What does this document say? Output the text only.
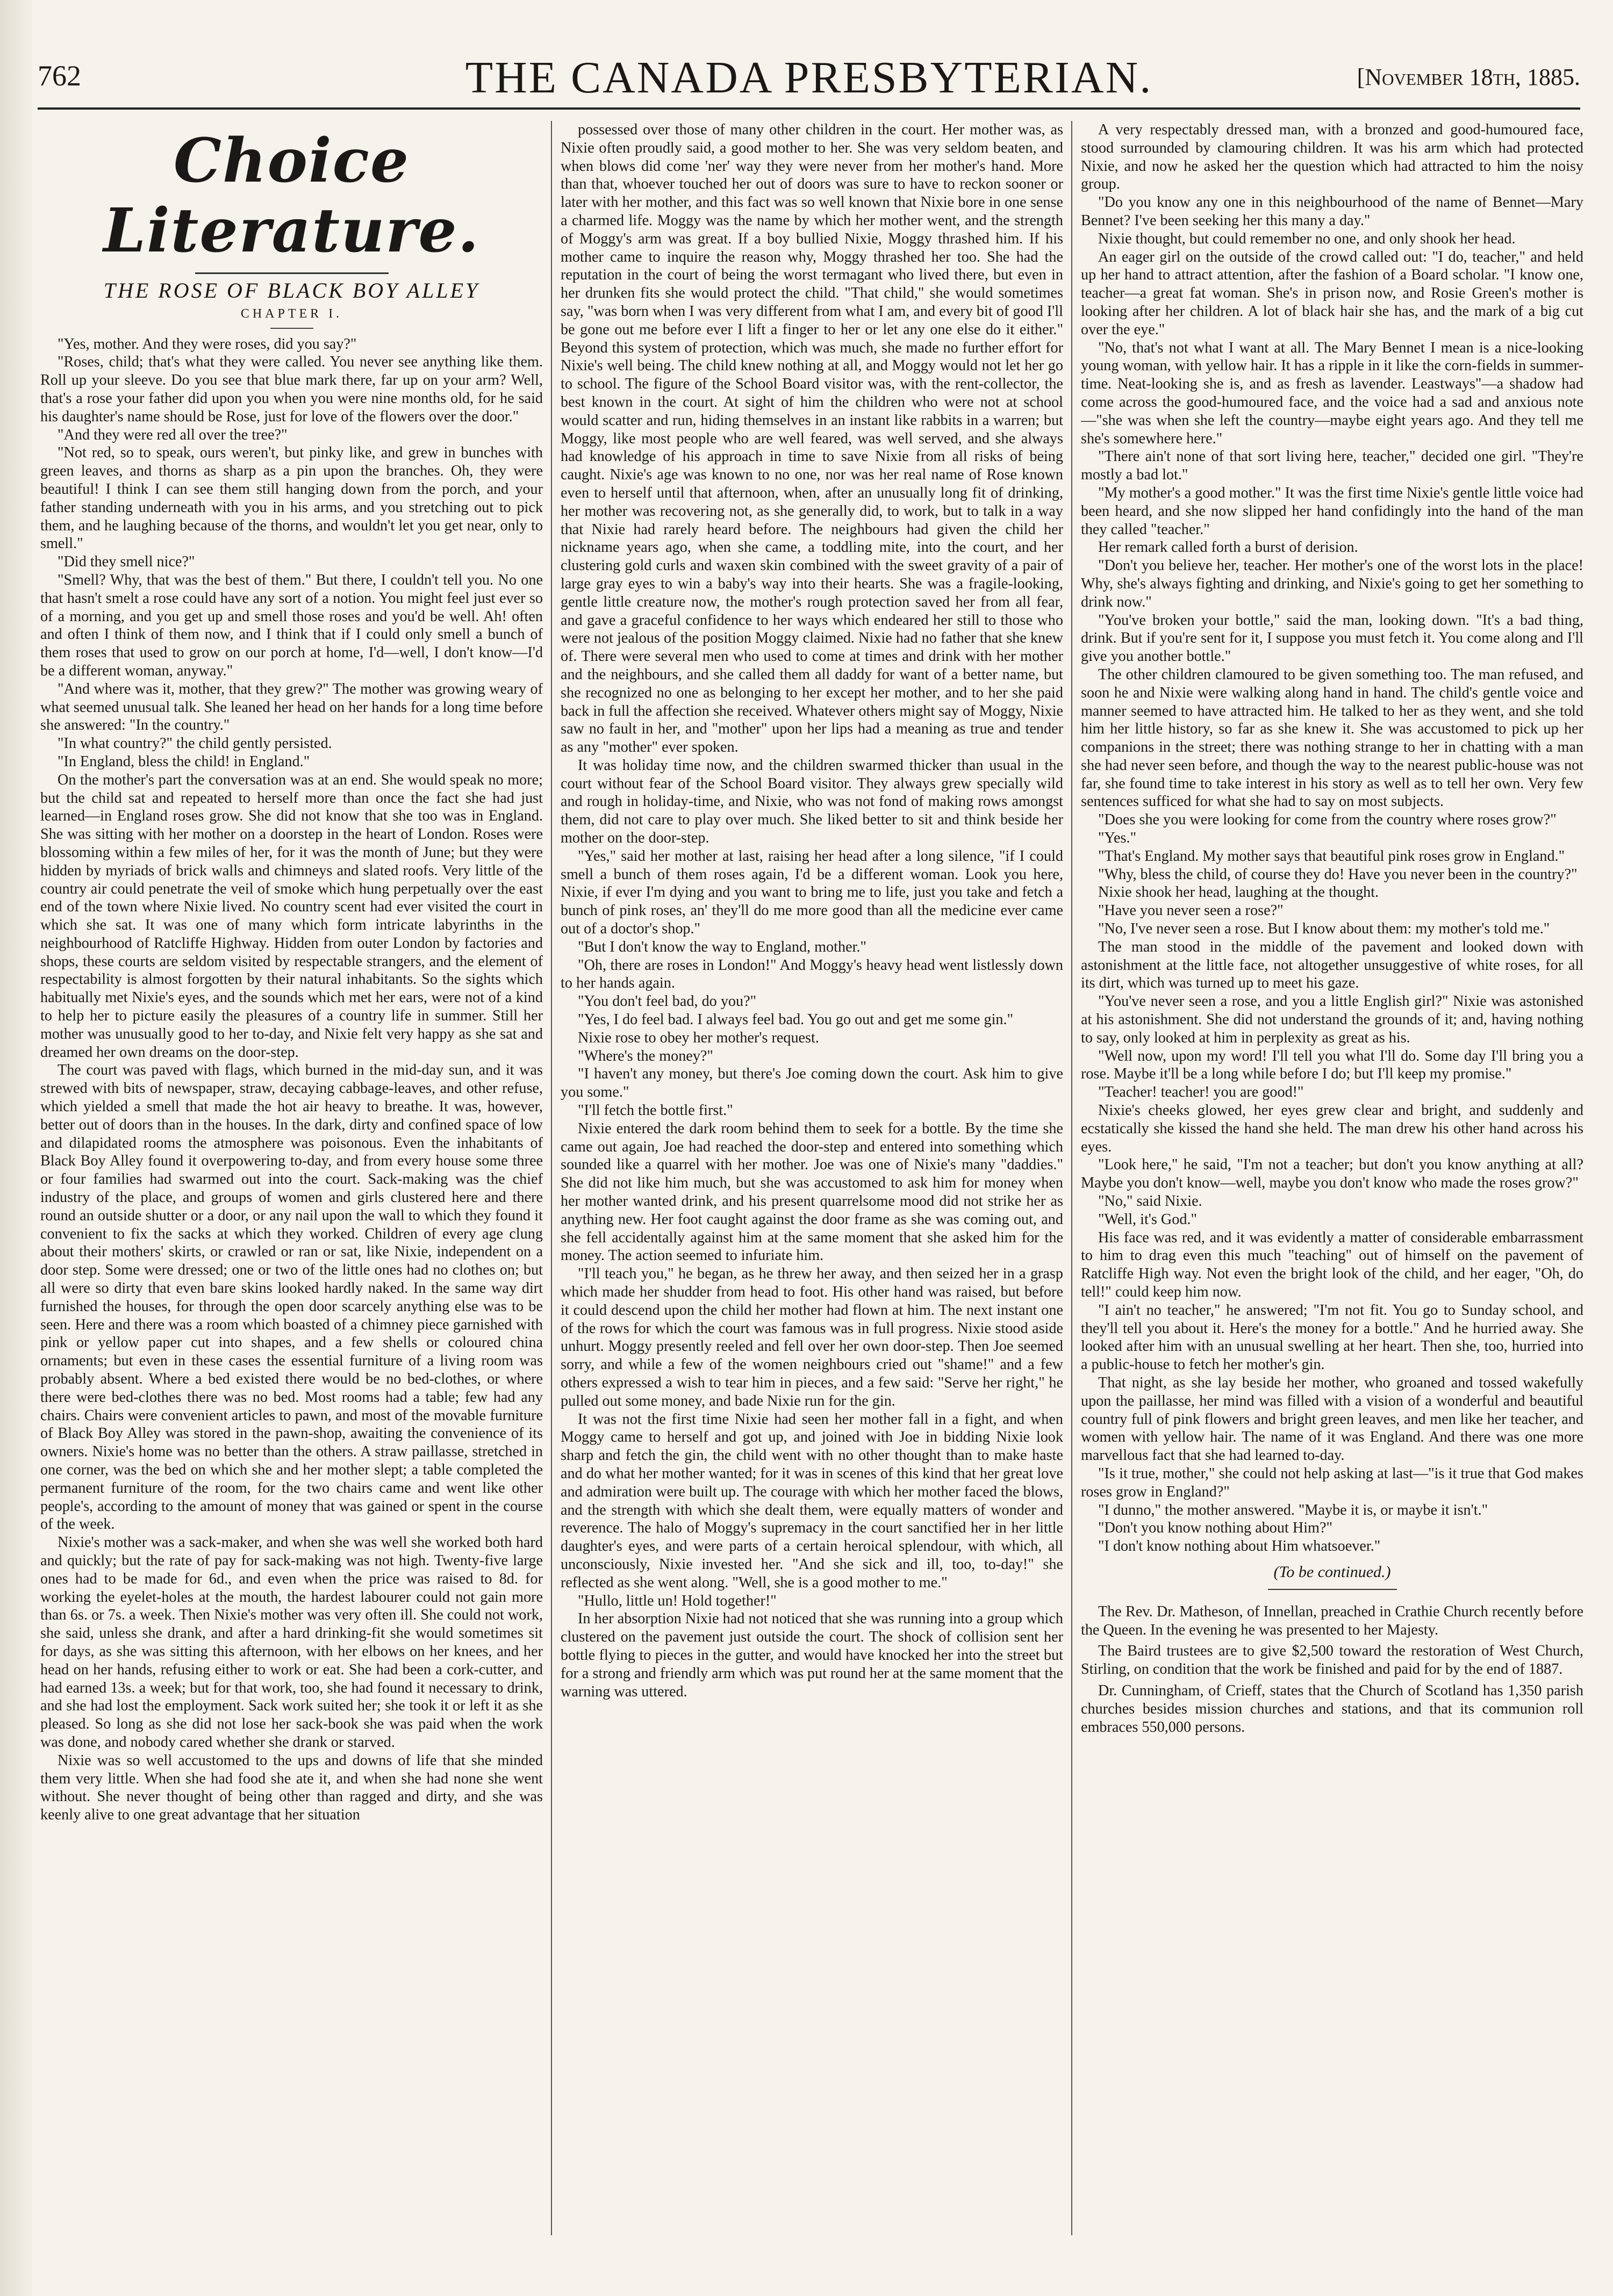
762	THE CANADA PRESBYTERIAN.	[November 18th, 1885.
Choice Literature.
THE ROSE OF BLACK BOY ALLEY
CHAPTER I.

"Yes, mother. And they were roses, did you say?"

"Roses, child; that's what they were called. You never see anything like them. Roll up your sleeve. Do you see that blue mark there, far up on your arm? Well, that's a rose your father did upon you when you were nine months old, for he said his daughter's name should be Rose, just for love of the flowers over the door."

"And they were red all over the tree?"

"Not red, so to speak, ours weren't, but pinky like, and grew in bunches with green leaves, and thorns as sharp as a pin upon the branches. Oh, they were beautiful! I think I can see them still hanging down from the porch, and your father standing underneath with you in his arms, and you stretching out to pick them, and he laughing because of the thorns, and wouldn't let you get near, only to smell."

"Did they smell nice?"

"Smell? Why, that was the best of them." But there, I couldn't tell you. No one that hasn't smelt a rose could have any sort of a notion. You might feel just ever so of a morning, and you get up and smell those roses and you'd be well. Ah! often and often I think of them now, and I think that if I could only smell a bunch of them roses that used to grow on our porch at home, I'd—well, I don't know—I'd be a different woman, anyway."

"And where was it, mother, that they grew?" The mother was growing weary of what seemed unusual talk. She leaned her head on her hands for a long time before she answered: "In the country."

"In what country?" the child gently persisted.

"In England, bless the child! in England."

On the mother's part the conversation was at an end. She would speak no more; but the child sat and repeated to herself more than once the fact she had just learned—in England roses grow. She did not know that she too was in England. She was sitting with her mother on a doorstep in the heart of London. Roses were blossoming within a few miles of her, for it was the month of June; but they were hidden by myriads of brick walls and chimneys and slated roofs. Very little of the country air could penetrate the veil of smoke which hung perpetually over the east end of the town where Nixie lived. No country scent had ever visited the court in which she sat. It was one of many which form intricate labyrinths in the neighbourhood of Ratcliffe Highway. Hidden from outer London by factories and shops, these courts are seldom visited by respectable strangers, and the element of respectability is almost forgotten by their natural inhabitants. So the sights which habitually met Nixie's eyes, and the sounds which met her ears, were not of a kind to help her to picture easily the pleasures of a country life in summer. Still her mother was unusually good to her to-day, and Nixie felt very happy as she sat and dreamed her own dreams on the door-step.

The court was paved with flags, which burned in the mid-day sun, and it was strewed with bits of newspaper, straw, decaying cabbage-leaves, and other refuse, which yielded a smell that made the hot air heavy to breathe. It was, however, better out of doors than in the houses. In the dark, dirty and confined space of low and dilapidated rooms the atmosphere was poisonous. Even the inhabitants of Black Boy Alley found it overpowering to-day, and from every house some three or four families had swarmed out into the court. Sack-making was the chief industry of the place, and groups of women and girls clustered here and there round an outside shutter or a door, or any nail upon the wall to which they found it convenient to fix the sacks at which they worked. Children of every age clung about their mothers' skirts, or crawled or ran or sat, like Nixie, independent on a door step. Some were dressed; one or two of the little ones had no clothes on; but all were so dirty that even bare skins looked hardly naked. In the same way dirt furnished the houses, for through the open door scarcely anything else was to be seen. Here and there was a room which boasted of a chimney piece garnished with pink or yellow paper cut into shapes, and a few shells or coloured china ornaments; but even in these cases the essential furniture of a living room was probably absent. Where a bed existed there would be no bed-clothes, or where there were bed-clothes there was no bed. Most rooms had a table; few had any chairs. Chairs were convenient articles to pawn, and most of the movable furniture of Black Boy Alley was stored in the pawn-shop, awaiting the convenience of its owners. Nixie's home was no better than the others. A straw paillasse, stretched in one corner, was the bed on which she and her mother slept; a table completed the permanent furniture of the room, for the two chairs came and went like other people's, according to the amount of money that was gained or spent in the course of the week.

Nixie's mother was a sack-maker, and when she was well she worked both hard and quickly; but the rate of pay for sack-making was not high. Twenty-five large ones had to be made for 6d., and even when the price was raised to 8d. for working the eyelet-holes at the mouth, the hardest labourer could not gain more than 6s. or 7s. a week. Then Nixie's mother was very often ill. She could not work, she said, unless she drank, and after a hard drinking-fit she would sometimes sit for days, as she was sitting this afternoon, with her elbows on her knees, and her head on her hands, refusing either to work or eat. She had been a cork-cutter, and had earned 13s. a week; but for that work, too, she had found it necessary to drink, and she had lost the employment. Sack work suited her; she took it or left it as she pleased. So long as she did not lose her sack-book she was paid when the work was done, and nobody cared whether she drank or starved.

Nixie was so well accustomed to the ups and downs of life that she minded them very little. When she had food she ate it, and when she had none she went without. She never thought of being other than ragged and dirty, and she was keenly alive to one great advantage that her situation

possessed over those of many other children in the court. Her mother was, as Nixie often proudly said, a good mother to her. She was very seldom beaten, and when blows did come 'ner' way they were never from her mother's hand. More than that, whoever touched her out of doors was sure to have to reckon sooner or later with her mother, and this fact was so well known that Nixie bore in one sense a charmed life. Moggy was the name by which her mother went, and the strength of Moggy's arm was great. If a boy bullied Nixie, Moggy thrashed him. If his mother came to inquire the reason why, Moggy thrashed her too. She had the reputation in the court of being the worst termagant who lived there, but even in her drunken fits she would protect the child. "That child," she would sometimes say, "was born when I was very different from what I am, and every bit of good I'll be gone out me before ever I lift a finger to her or let any one else do it either." Beyond this system of protection, which was much, she made no further effort for Nixie's well being. The child knew nothing at all, and Moggy would not let her go to school. The figure of the School Board visitor was, with the rent-collector, the best known in the court. At sight of him the children who were not at school would scatter and run, hiding themselves in an instant like rabbits in a warren; but Moggy, like most people who are well feared, was well served, and she always had knowledge of his approach in time to save Nixie from all risks of being caught. Nixie's age was known to no one, nor was her real name of Rose known even to herself until that afternoon, when, after an unusually long fit of drinking, her mother was recovering not, as she generally did, to work, but to talk in a way that Nixie had rarely heard before. The neighbours had given the child her nickname years ago, when she came, a toddling mite, into the court, and her clustering gold curls and waxen skin combined with the sweet gravity of a pair of large gray eyes to win a baby's way into their hearts. She was a fragile-looking, gentle little creature now, the mother's rough protection saved her from all fear, and gave a graceful confidence to her ways which endeared her still to those who were not jealous of the position Moggy claimed. Nixie had no father that she knew of. There were several men who used to come at times and drink with her mother and the neighbours, and she called them all daddy for want of a better name, but she recognized no one as belonging to her except her mother, and to her she paid back in full the affection she received. Whatever others might say of Moggy, Nixie saw no fault in her, and "mother" upon her lips had a meaning as true and tender as any "mother" ever spoken.

It was holiday time now, and the children swarmed thicker than usual in the court without fear of the School Board visitor. They always grew specially wild and rough in holiday-time, and Nixie, who was not fond of making rows amongst them, did not care to play over much. She liked better to sit and think beside her mother on the door-step.

"Yes," said her mother at last, raising her head after a long silence, "if I could smell a bunch of them roses again, I'd be a different woman. Look you here, Nixie, if ever I'm dying and you want to bring me to life, just you take and fetch a bunch of pink roses, an' they'll do me more good than all the medicine ever came out of a doctor's shop."

"But I don't know the way to England, mother."

"Oh, there are roses in London!" And Moggy's heavy head went listlessly down to her hands again.

"You don't feel bad, do you?"

"Yes, I do feel bad. I always feel bad. You go out and get me some gin."

Nixie rose to obey her mother's request.

"Where's the money?"

"I haven't any money, but there's Joe coming down the court. Ask him to give you some."

"I'll fetch the bottle first."

Nixie entered the dark room behind them to seek for a bottle. By the time she came out again, Joe had reached the door-step and entered into something which sounded like a quarrel with her mother. Joe was one of Nixie's many "daddies." She did not like him much, but she was accustomed to ask him for money when her mother wanted drink, and his present quarrelsome mood did not strike her as anything new. Her foot caught against the door frame as she was coming out, and she fell accidentally against him at the same moment that she asked him for the money. The action seemed to infuriate him.

"I'll teach you," he began, as he threw her away, and then seized her in a grasp which made her shudder from head to foot. His other hand was raised, but before it could descend upon the child her mother had flown at him. The next instant one of the rows for which the court was famous was in full progress. Nixie stood aside unhurt. Moggy presently reeled and fell over her own door-step. Then Joe seemed sorry, and while a few of the women neighbours cried out "shame!" and a few others expressed a wish to tear him in pieces, and a few said: "Serve her right," he pulled out some money, and bade Nixie run for the gin.

It was not the first time Nixie had seen her mother fall in a fight, and when Moggy came to herself and got up, and joined with Joe in bidding Nixie look sharp and fetch the gin, the child went with no other thought than to make haste and do what her mother wanted; for it was in scenes of this kind that her great love and admiration were built up. The courage with which her mother faced the blows, and the strength with which she dealt them, were equally matters of wonder and reverence. The halo of Moggy's supremacy in the court sanctified her in her little daughter's eyes, and were parts of a certain heroical splendour, with which, all unconsciously, Nixie invested her. "And she sick and ill, too, to-day!" she reflected as she went along. "Well, she is a good mother to me."

"Hullo, little un! Hold together!"

In her absorption Nixie had not noticed that she was running into a group which clustered on the pavement just outside the court. The shock of collision sent her bottle flying to pieces in the gutter, and would have knocked her into the street but for a strong and friendly arm which was put round her at the same moment that the warning was uttered.

A very respectably dressed man, with a bronzed and good-humoured face, stood surrounded by clamouring children. It was his arm which had protected Nixie, and now he asked her the question which had attracted to him the noisy group.

"Do you know any one in this neighbourhood of the name of Bennet—Mary Bennet? I've been seeking her this many a day."

Nixie thought, but could remember no one, and only shook her head.

An eager girl on the outside of the crowd called out: "I do, teacher," and held up her hand to attract attention, after the fashion of a Board scholar. "I know one, teacher—a great fat woman. She's in prison now, and Rosie Green's mother is looking after her children. A lot of black hair she has, and the mark of a big cut over the eye."

"No, that's not what I want at all. The Mary Bennet I mean is a nice-looking young woman, with yellow hair. It has a ripple in it like the corn-fields in summer-time. Neat-looking she is, and as fresh as lavender. Leastways"—a shadow had come across the good-humoured face, and the voice had a sad and anxious note—"she was when she left the country—maybe eight years ago. And they tell me she's somewhere here."

"There ain't none of that sort living here, teacher," decided one girl. "They're mostly a bad lot."

"My mother's a good mother." It was the first time Nixie's gentle little voice had been heard, and she now slipped her hand confidingly into the hand of the man they called "teacher."

Her remark called forth a burst of derision.

"Don't you believe her, teacher. Her mother's one of the worst lots in the place! Why, she's always fighting and drinking, and Nixie's going to get her something to drink now."

"You've broken your bottle," said the man, looking down. "It's a bad thing, drink. But if you're sent for it, I suppose you must fetch it. You come along and I'll give you another bottle."

The other children clamoured to be given something too. The man refused, and soon he and Nixie were walking along hand in hand. The child's gentle voice and manner seemed to have attracted him. He talked to her as they went, and she told him her little history, so far as she knew it. She was accustomed to pick up her companions in the street; there was nothing strange to her in chatting with a man she had never seen before, and though the way to the nearest public-house was not far, she found time to take interest in his story as well as to tell her own. Very few sentences sufficed for what she had to say on most subjects.

"Does she you were looking for come from the country where roses grow?"

"Yes."

"That's England. My mother says that beautiful pink roses grow in England."

"Why, bless the child, of course they do! Have you never been in the country?"

Nixie shook her head, laughing at the thought.

"Have you never seen a rose?"

"No, I've never seen a rose. But I know about them: my mother's told me."

The man stood in the middle of the pavement and looked down with astonishment at the little face, not altogether unsuggestive of white roses, for all its dirt, which was turned up to meet his gaze.

"You've never seen a rose, and you a little English girl?" Nixie was astonished at his astonishment. She did not understand the grounds of it; and, having nothing to say, only looked at him in perplexity as great as his.

"Well now, upon my word! I'll tell you what I'll do. Some day I'll bring you a rose. Maybe it'll be a long while before I do; but I'll keep my promise."

"Teacher! teacher! you are good!"

Nixie's cheeks glowed, her eyes grew clear and bright, and suddenly and ecstatically she kissed the hand she held. The man drew his other hand across his eyes.

"Look here," he said, "I'm not a teacher; but don't you know anything at all? Maybe you don't know—well, maybe you don't know who made the roses grow?"

"No," said Nixie.

"Well, it's God."

His face was red, and it was evidently a matter of considerable embarrassment to him to drag even this much "teaching" out of himself on the pavement of Ratcliffe High way. Not even the bright look of the child, and her eager, "Oh, do tell!" could keep him now.

"I ain't no teacher," he answered; "I'm not fit. You go to Sunday school, and they'll tell you about it. Here's the money for a bottle." And he hurried away. She looked after him with an unusual swelling at her heart. Then she, too, hurried into a public-house to fetch her mother's gin.

That night, as she lay beside her mother, who groaned and tossed wakefully upon the paillasse, her mind was filled with a vision of a wonderful and beautiful country full of pink flowers and bright green leaves, and men like her teacher, and women with yellow hair. The name of it was England. And there was one more marvellous fact that she had learned to-day.

"Is it true, mother," she could not help asking at last—"is it true that God makes roses grow in England?"

"I dunno," the mother answered. "Maybe it is, or maybe it isn't."

"Don't you know nothing about Him?"

"I don't know nothing about Him whatsoever."

(To be continued.)

The Rev. Dr. Matheson, of Innellan, preached in Crathie Church recently before the Queen. In the evening he was presented to her Majesty.

The Baird trustees are to give $2,500 toward the restoration of West Church, Stirling, on condition that the work be finished and paid for by the end of 1887.

Dr. Cunningham, of Crieff, states that the Church of Scotland has 1,350 parish churches besides mission churches and stations, and that its communion roll embraces 550,000 persons.
